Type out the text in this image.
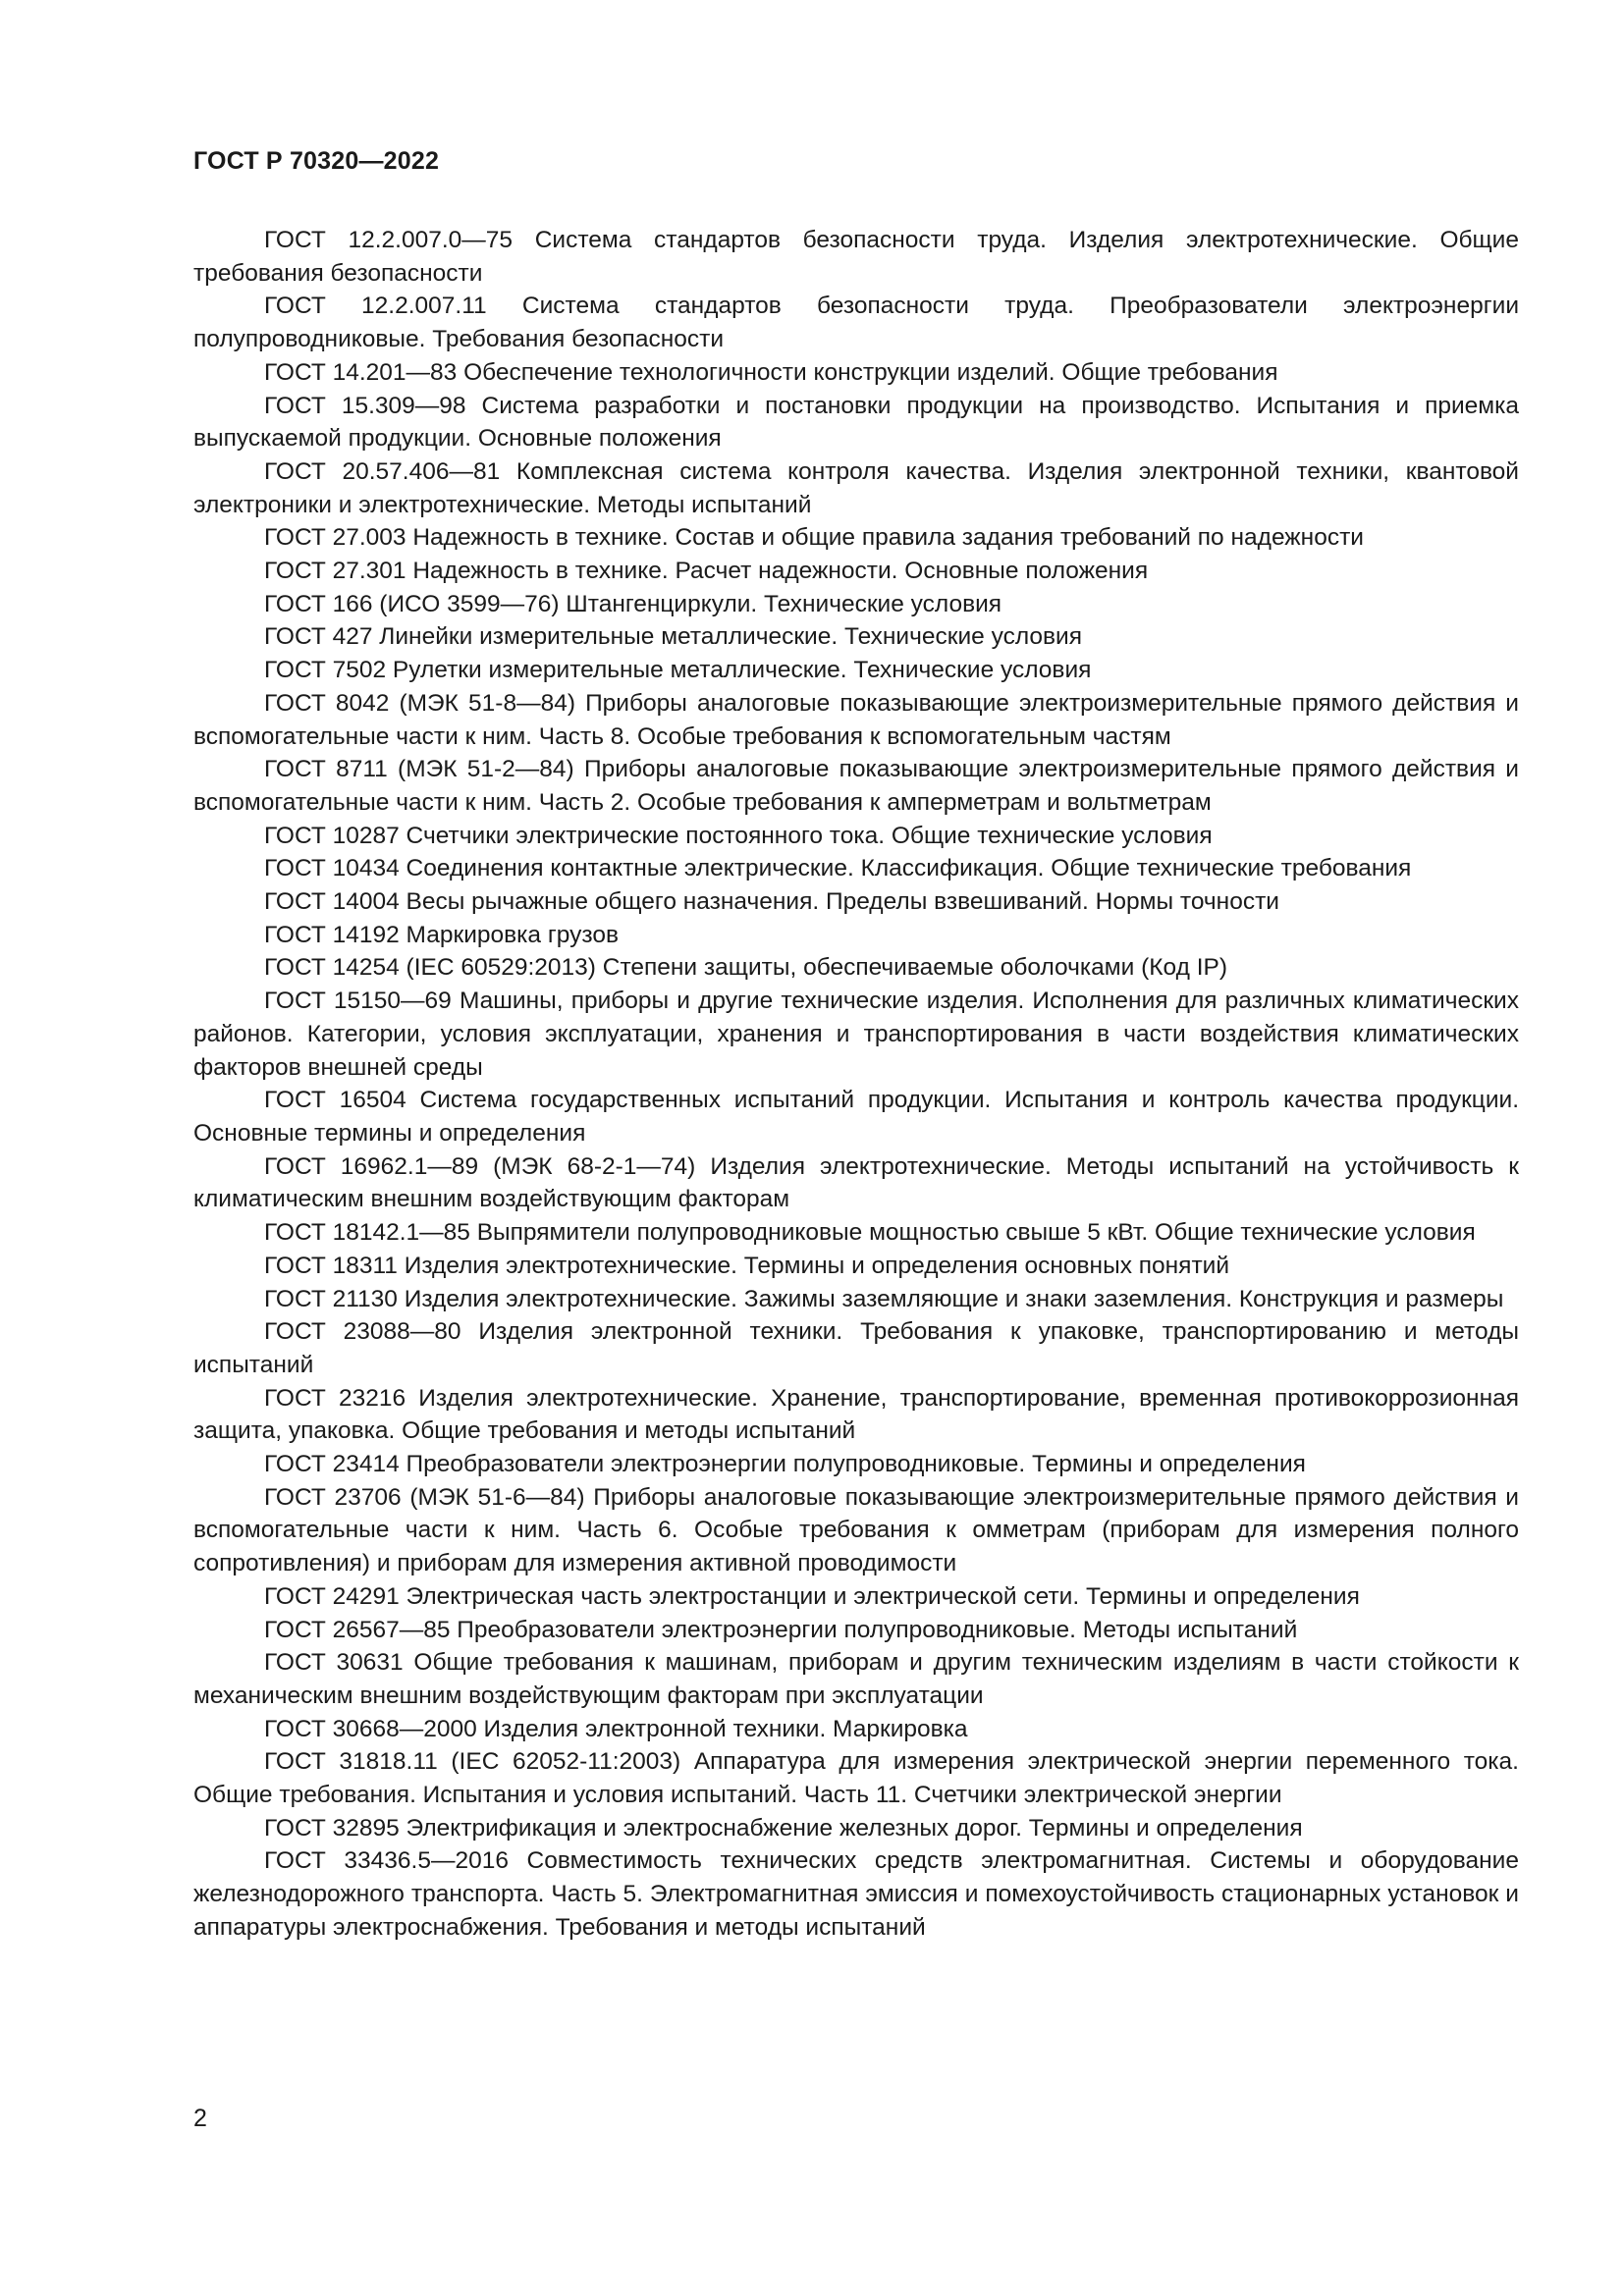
ГОСТ Р 70320—2022

ГОСТ 12.2.007.0—75 Система стандартов безопасности труда. Изделия электротехнические. Общие требования безопасности

ГОСТ 12.2.007.11 Система стандартов безопасности труда. Преобразователи электроэнергии полупроводниковые. Требования безопасности

ГОСТ 14.201—83 Обеспечение технологичности конструкции изделий. Общие требования

ГОСТ 15.309—98 Система разработки и постановки продукции на производство. Испытания и приемка выпускаемой продукции. Основные положения

ГОСТ 20.57.406—81 Комплексная система контроля качества. Изделия электронной техники, квантовой электроники и электротехнические. Методы испытаний

ГОСТ 27.003 Надежность в технике. Состав и общие правила задания требований по надежности

ГОСТ 27.301 Надежность в технике. Расчет надежности. Основные положения

ГОСТ 166 (ИСО 3599—76) Штангенциркули. Технические условия

ГОСТ 427 Линейки измерительные металлические. Технические условия

ГОСТ 7502 Рулетки измерительные металлические. Технические условия

ГОСТ 8042 (МЭК 51-8—84) Приборы аналоговые показывающие электроизмерительные прямого действия и вспомогательные части к ним. Часть 8. Особые требования к вспомогательным частям

ГОСТ 8711 (МЭК 51-2—84) Приборы аналоговые показывающие электроизмерительные прямого действия и вспомогательные части к ним. Часть 2. Особые требования к амперметрам и вольтметрам

ГОСТ 10287 Счетчики электрические постоянного тока. Общие технические условия

ГОСТ 10434 Соединения контактные электрические. Классификация. Общие технические требования

ГОСТ 14004 Весы рычажные общего назначения. Пределы взвешиваний. Нормы точности

ГОСТ 14192 Маркировка грузов

ГОСТ 14254 (IEC 60529:2013) Степени защиты, обеспечиваемые оболочками (Код IP)

ГОСТ 15150—69 Машины, приборы и другие технические изделия. Исполнения для различных климатических районов. Категории, условия эксплуатации, хранения и транспортирования в части воздействия климатических факторов внешней среды

ГОСТ 16504 Система государственных испытаний продукции. Испытания и контроль качества продукции. Основные термины и определения

ГОСТ 16962.1—89 (МЭК 68-2-1—74) Изделия электротехнические. Методы испытаний на устойчивость к климатическим внешним воздействующим факторам

ГОСТ 18142.1—85 Выпрямители полупроводниковые мощностью свыше 5 кВт. Общие технические условия

ГОСТ 18311 Изделия электротехнические. Термины и определения основных понятий

ГОСТ 21130 Изделия электротехнические. Зажимы заземляющие и знаки заземления. Конструкция и размеры

ГОСТ 23088—80 Изделия электронной техники. Требования к упаковке, транспортированию и методы испытаний

ГОСТ 23216 Изделия электротехнические. Хранение, транспортирование, временная противокоррозионная защита, упаковка. Общие требования и методы испытаний

ГОСТ 23414 Преобразователи электроэнергии полупроводниковые. Термины и определения

ГОСТ 23706 (МЭК 51-6—84) Приборы аналоговые показывающие электроизмерительные прямого действия и вспомогательные части к ним. Часть 6. Особые требования к омметрам (приборам для измерения полного сопротивления) и приборам для измерения активной проводимости

ГОСТ 24291 Электрическая часть электростанции и электрической сети. Термины и определения

ГОСТ 26567—85 Преобразователи электроэнергии полупроводниковые. Методы испытаний

ГОСТ 30631 Общие требования к машинам, приборам и другим техническим изделиям в части стойкости к механическим внешним воздействующим факторам при эксплуатации

ГОСТ 30668—2000 Изделия электронной техники. Маркировка

ГОСТ 31818.11 (IEC 62052-11:2003) Аппаратура для измерения электрической энергии переменного тока. Общие требования. Испытания и условия испытаний. Часть 11. Счетчики электрической энергии

ГОСТ 32895 Электрификация и электроснабжение железных дорог. Термины и определения

ГОСТ 33436.5—2016 Совместимость технических средств электромагнитная. Системы и оборудование железнодорожного транспорта. Часть 5. Электромагнитная эмиссия и помехоустойчивость стационарных установок и аппаратуры электроснабжения. Требования и методы испытаний

2
